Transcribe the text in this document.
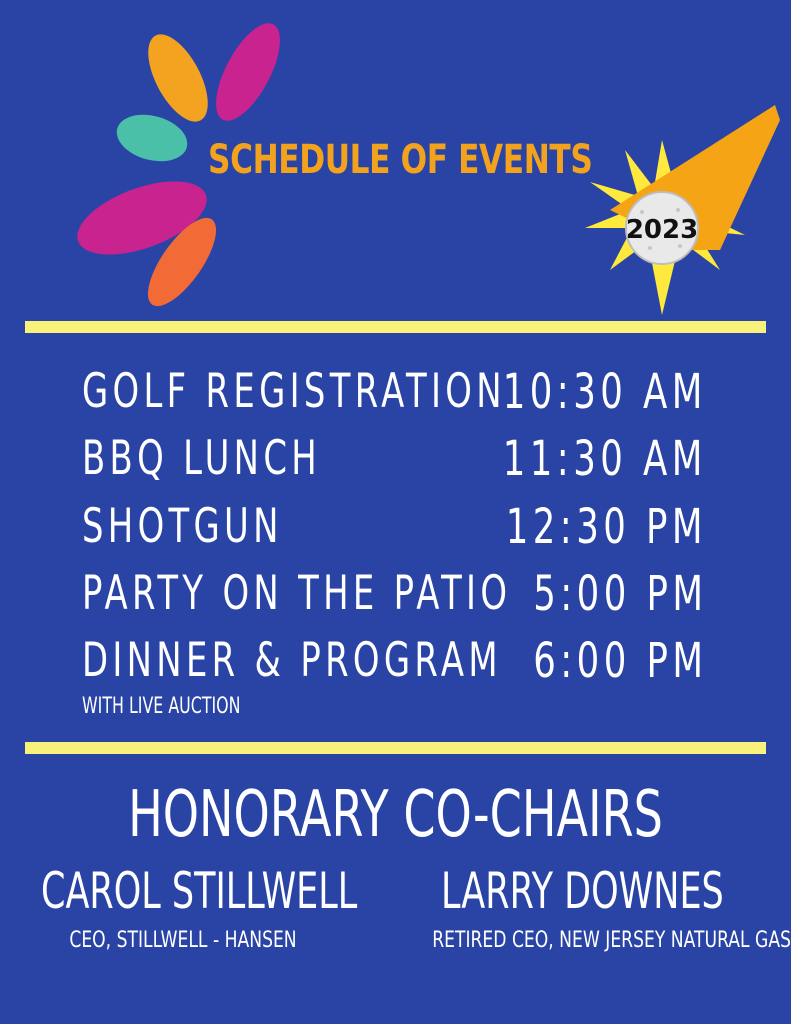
SCHEDULE OF EVENTS
2023
GOLF REGISTRATION
10:30 AM
BBQ LUNCH	11:30 AM
SHOTGUN	12:30 PM
PARTY ON THE PATIO 5:00 PM
DINNER & PROGRAM 6:00 PM
WITH LIVE AUCTION
HONORARY CO-CHAIRS
CAROL STILLWELL
CEO, STILLWELL - HANSEN
LARRY DOWNES
RETIRED CEO, NEW JERSEY NATURAL GAS
